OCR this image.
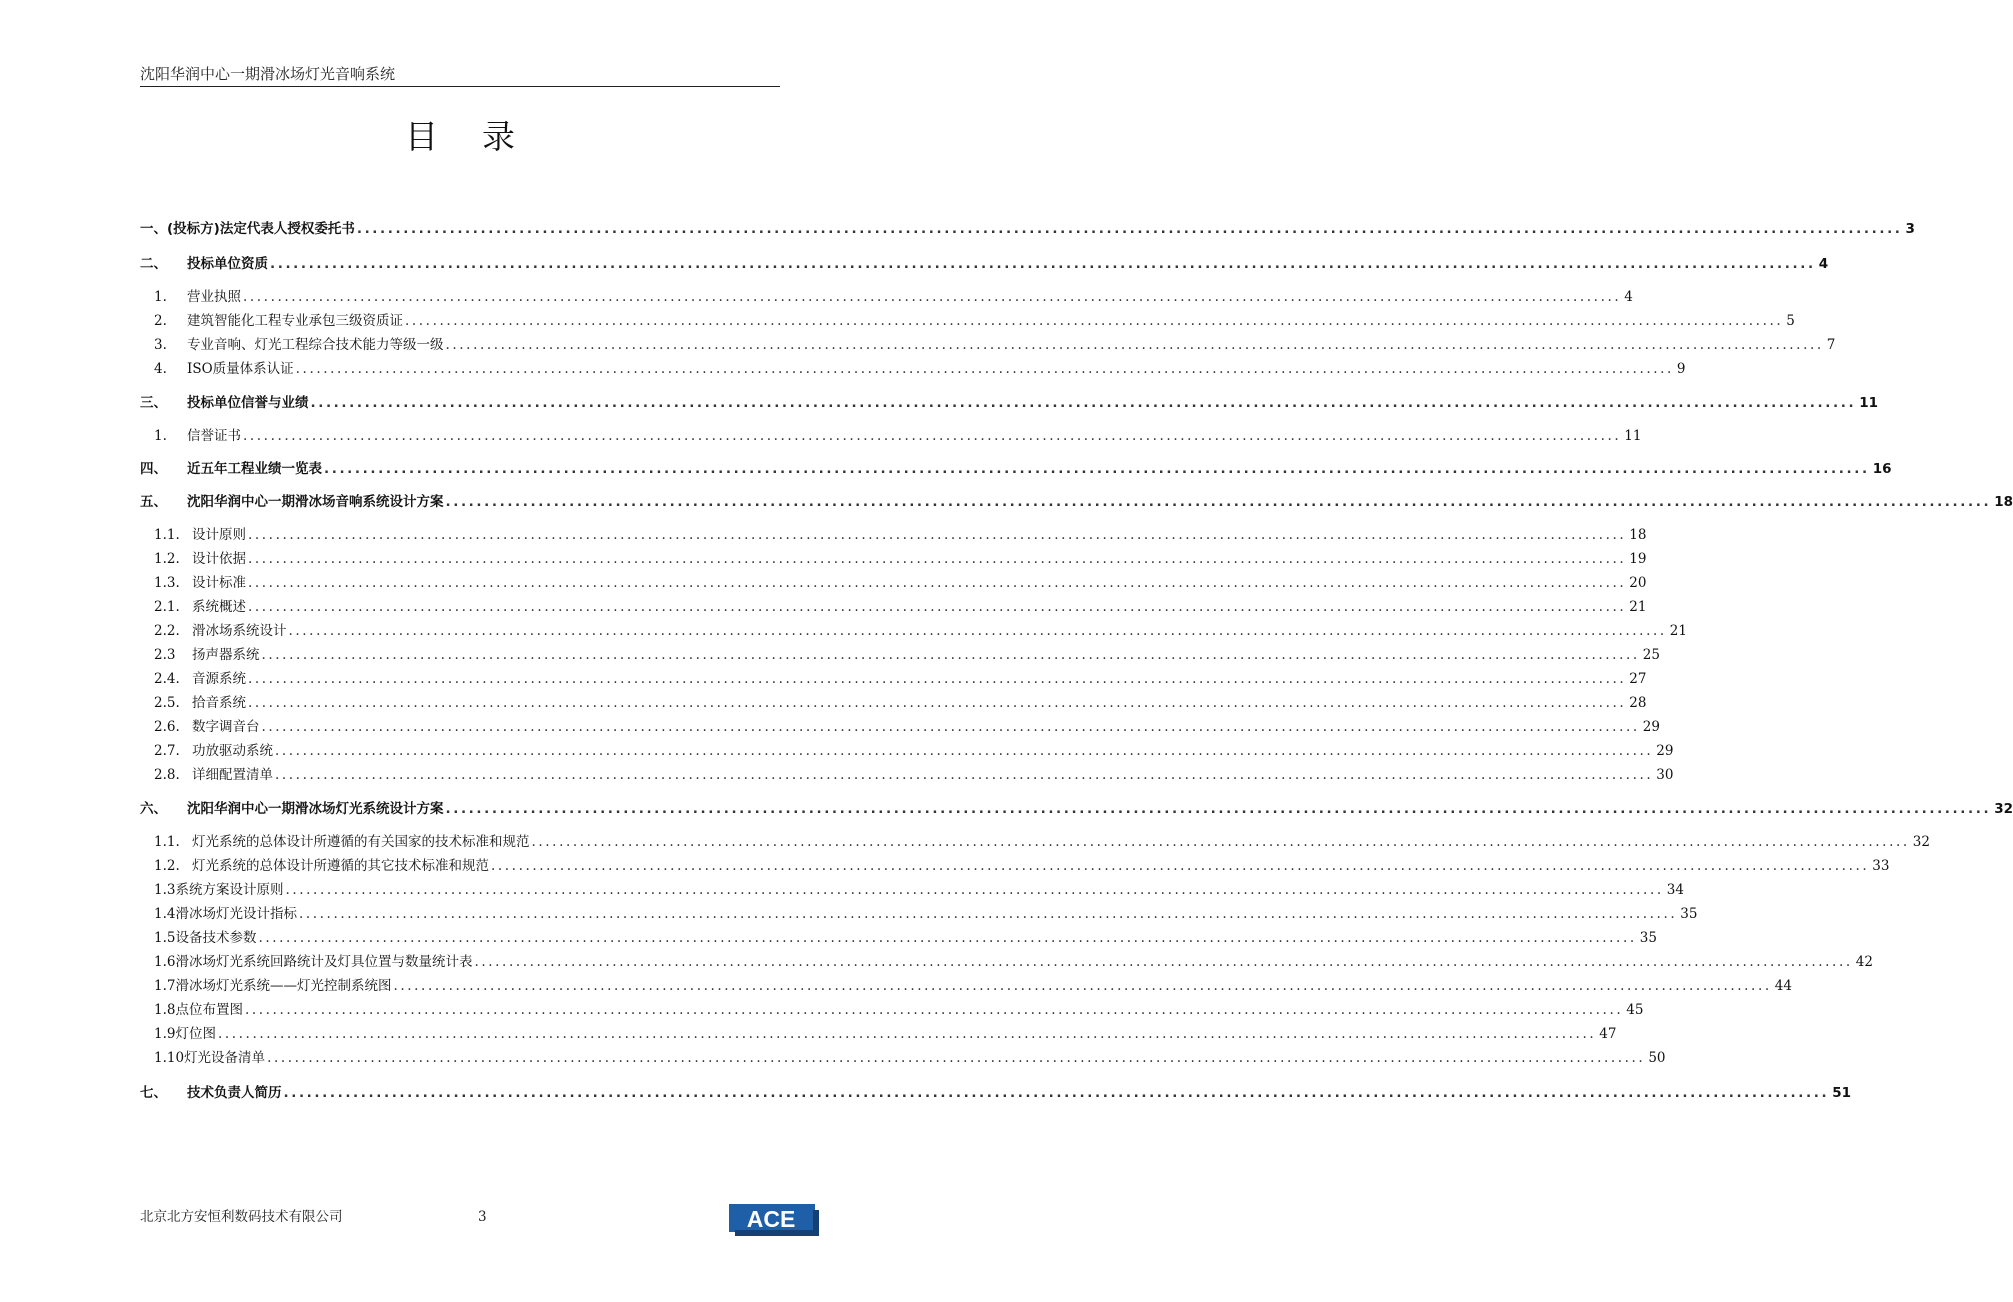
沈阳华润中心一期滑冰场灯光音响系统
目录
一、(投标方)法定代表人授权委托书 ........................................................................................................................................................................................................ 3
二、	投标单位资质 ........................................................................................................................................................................................................ 4
1.	营业执照 ........................................................................................................................................................................................................ 4
2.	建筑智能化工程专业承包三级资质证 ........................................................................................................................................................................................................ 5
3.	专业音响、灯光工程综合技术能力等级一级 ........................................................................................................................................................................................................ 7
4.	ISO质量体系认证 ........................................................................................................................................................................................................ 9
三、	投标单位信誉与业绩 ........................................................................................................................................................................................................ 11
1.	信誉证书 ........................................................................................................................................................................................................ 11
四、	近五年工程业绩一览表 ........................................................................................................................................................................................................ 16
五、	沈阳华润中心一期滑冰场音响系统设计方案 ........................................................................................................................................................................................................ 18
1.1. 设计原则 ........................................................................................................................................................................................................ 18
1.2. 设计依据 ........................................................................................................................................................................................................ 19
1.3. 设计标准 ........................................................................................................................................................................................................ 20
2.1. 系统概述 ........................................................................................................................................................................................................ 21
2.2. 滑冰场系统设计 ........................................................................................................................................................................................................ 21
2.3	扬声器系统 ........................................................................................................................................................................................................ 25
2.4. 音源系统 ........................................................................................................................................................................................................ 27
2.5. 拾音系统 ........................................................................................................................................................................................................ 28
2.6. 数字调音台 ........................................................................................................................................................................................................ 29
2.7. 功放驱动系统 ........................................................................................................................................................................................................ 29
2.8. 详细配置清单 ........................................................................................................................................................................................................ 30
六、	沈阳华润中心一期滑冰场灯光系统设计方案 ........................................................................................................................................................................................................ 32
1.1. 灯光系统的总体设计所遵循的有关国家的技术标准和规范 ........................................................................................................................................................................................................ 32
1.2. 灯光系统的总体设计所遵循的其它技术标准和规范 ........................................................................................................................................................................................................ 33
1.3 系统方案设计原则 ........................................................................................................................................................................................................ 34
1.4 滑冰场灯光设计指标 ........................................................................................................................................................................................................ 35
1.5 设备技术参数 ........................................................................................................................................................................................................ 35
1.6 滑冰场灯光系统回路统计及灯具位置与数量统计表 ........................................................................................................................................................................................................ 42
1.7 滑冰场灯光系统——灯光控制系统图 ........................................................................................................................................................................................................ 44
1.8 点位布置图 ........................................................................................................................................................................................................ 45
1.9 灯位图 ........................................................................................................................................................................................................ 47
1.10 灯光设备清单 ........................................................................................................................................................................................................ 50
七、	技术负责人简历 ........................................................................................................................................................................................................ 51
北京北方安恒利数码技术有限公司	3	ACE
